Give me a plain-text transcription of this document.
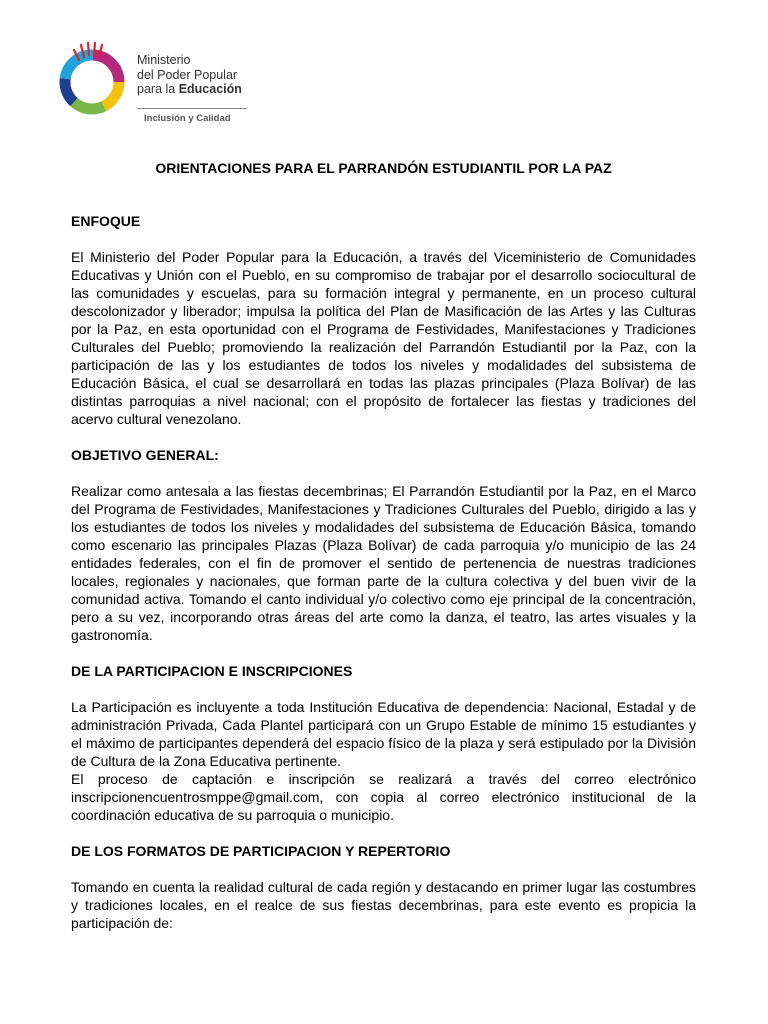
Ministerio
del Poder Popular
para la Educación
Inclusión y Calidad
ORIENTACIONES PARA EL PARRANDÓN ESTUDIANTIL POR LA PAZ
ENFOQUE

El Ministerio del Poder Popular para la Educación, a través del Viceministerio de Comunidades Educativas y Unión con el Pueblo, en su compromiso de trabajar por el desarrollo sociocultural de las comunidades y escuelas, para su formación integral y permanente, en un proceso cultural descolonizador y liberador; impulsa la política del Plan de Masificación de las Artes y las Culturas por la Paz, en esta oportunidad con el Programa de Festividades, Manifestaciones y Tradiciones Culturales del Pueblo; promoviendo la realización del Parrandón Estudiantil por la Paz, con la participación de las y los estudiantes de todos los niveles y modalidades del subsistema de Educación Básica, el cual se desarrollará en todas las plazas principales (Plaza Bolívar) de las distintas parroquias a nivel nacional; con el propósito de fortalecer las fiestas y tradiciones del acervo cultural venezolano.

OBJETIVO GENERAL:

Realizar como antesala a las fiestas decembrinas; El Parrandón Estudiantil por la Paz, en el Marco del Programa de Festividades, Manifestaciones y Tradiciones Culturales del Pueblo, dirigido a las y los estudiantes de todos los niveles y modalidades del subsistema de Educación Básica, tomando como escenario las principales Plazas (Plaza Bolívar) de cada parroquia y/o municipio de las 24 entidades federales, con el fin de promover el sentido de pertenencia de nuestras tradiciones locales, regionales y nacionales, que forman parte de la cultura colectiva y del buen vivir de la comunidad activa. Tomando el canto individual y/o colectivo como eje principal de la concentración, pero a su vez, incorporando otras áreas del arte como la danza, el teatro, las artes visuales y la gastronomía.

DE LA PARTICIPACION E INSCRIPCIONES

La Participación es incluyente a toda Institución Educativa de dependencia: Nacional, Estadal y de administración Privada, Cada Plantel participará con un Grupo Estable de mínimo 15 estudiantes y el máximo de participantes dependerá del espacio físico de la plaza y será estipulado por la División de Cultura de la Zona Educativa pertinente.

El proceso de captación e inscripción se realizará a través del correo electrónico inscripcionencuentrosmppe@gmail.com, con copia al correo electrónico institucional de la coordinación educativa de su parroquia o municipio.

DE LOS FORMATOS DE PARTICIPACION Y REPERTORIO

Tomando en cuenta la realidad cultural de cada región y destacando en primer lugar las costumbres y tradiciones locales, en el realce de sus fiestas decembrinas, para este evento es propicia la participación de:
